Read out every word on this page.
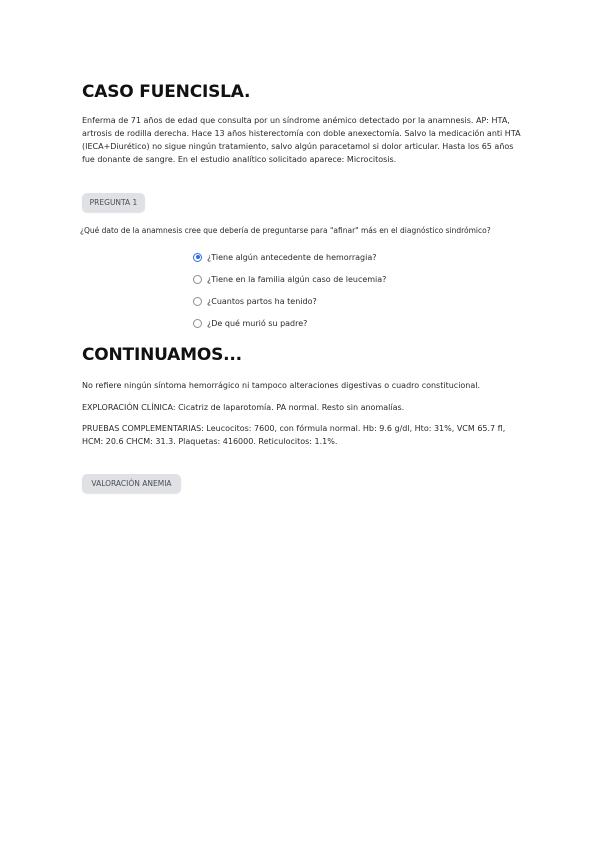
CASO FUENCISLA.

Enferma de 71 años de edad que consulta por un síndrome anémico detectado por la anamnesis. AP: HTA, artrosis de rodilla derecha. Hace 13 años histerectomía con doble anexectomía. Salvo la medicación anti HTA (IECA+Diurético) no sigue ningún tratamiento, salvo algún paracetamol si dolor articular. Hasta los 65 años fue donante de sangre. En el estudio analítico solicitado aparece: Microcitosis.

PREGUNTA 1

¿Qué dato de la anamnesis cree que debería de preguntarse para "afinar" más en el diagnóstico sindrómico?

¿Tiene algún antecedente de hemorragia?
¿Tiene en la familia algún caso de leucemia?
¿Cuantos partos ha tenido?
¿De qué murió su padre?
CONTINUAMOS...

No refiere ningún síntoma hemorrágico ni tampoco alteraciones digestivas o cuadro constitucional.

EXPLORACIÓN CLÍNICA: Cicatriz de laparotomía. PA normal. Resto sin anomalías.

PRUEBAS COMPLEMENTARIAS: Leucocitos: 7600, con fórmula normal. Hb: 9.6 g/dl, Hto: 31%, VCM 65.7 fl, HCM: 20.6 CHCM: 31.3. Plaquetas: 416000. Reticulocitos: 1.1%.

VALORACIÓN ANEMIA
